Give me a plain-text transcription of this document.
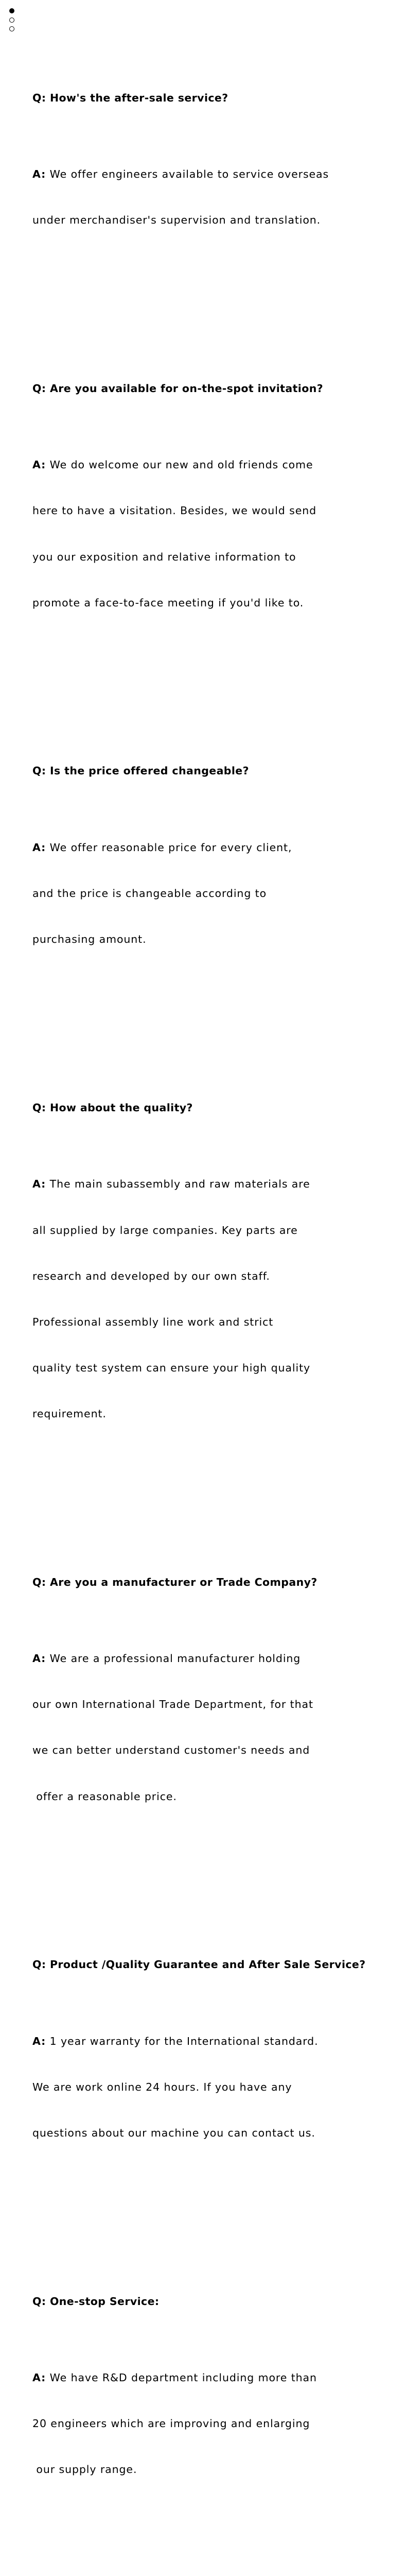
Q: How's the after-sale service?

A: We offer engineers available to service overseas

under merchandiser's supervision and translation.

Q: Are you available for on-the-spot invitation?

A: We do welcome our new and old friends come

here to have a visitation. Besides, we would send

you our exposition and relative information to

promote a face-to-face meeting if you'd like to.

Q: Is the price offered changeable?

A: We offer reasonable price for every client,

and the price is changeable according to

purchasing amount.

Q: How about the quality?

A: The main subassembly and raw materials are

all supplied by large companies. Key parts are

research and developed by our own staff.

Professional assembly line work and strict

quality test system can ensure your high quality

requirement.

Q: Are you a manufacturer or Trade Company?

A: We are a professional manufacturer holding

our own International Trade Department, for that

we can better understand customer's needs and

offer a reasonable price.

Q: Product /Quality Guarantee and After Sale Service?

A: 1 year warranty for the International standard.

We are work online 24 hours. If you have any

questions about our machine you can contact us.

Q: One-stop Service:

A: We have R&D department including more than

20 engineers which are improving and enlarging

our supply range.
